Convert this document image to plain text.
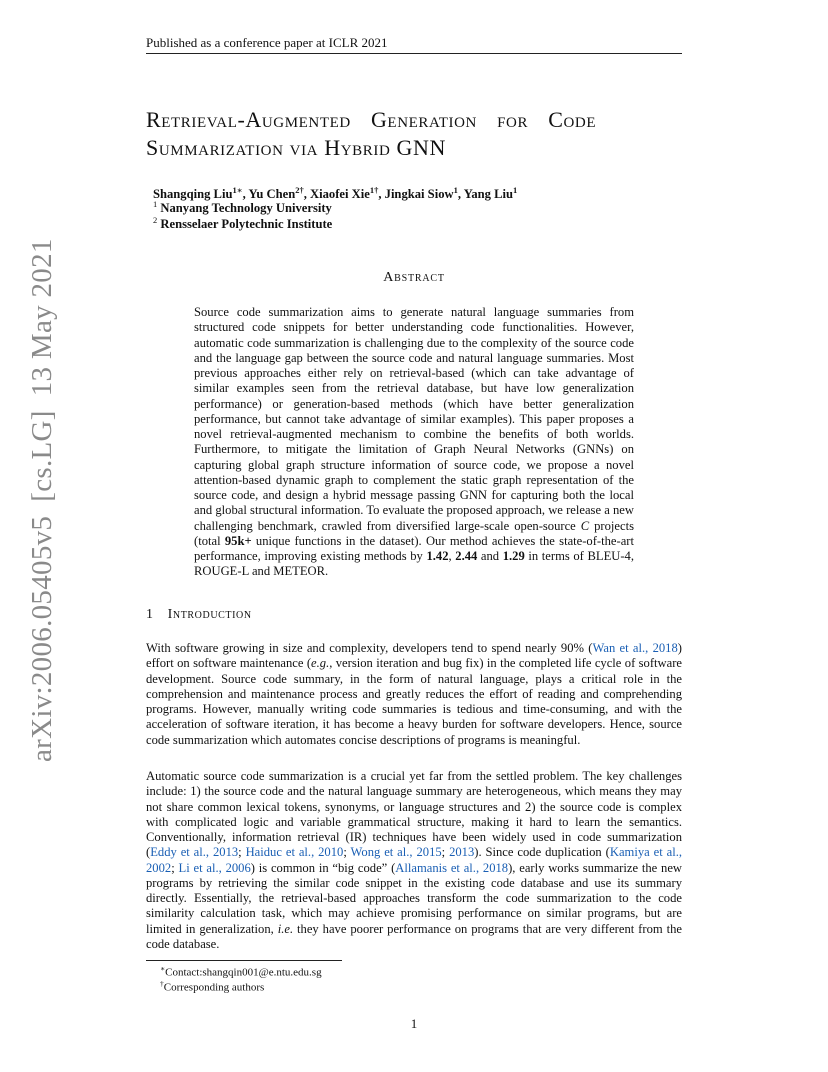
Published as a conference paper at ICLR 2021
Retrieval-Augmented Generation for Code
Summarization via Hybrid GNN
Shangqing Liu$^{1∗}$, Yu Chen$^{2\dagger}$, Xiaofei Xie$^{1\dagger}$, Jingkai Siow$^1$, Yang Liu$^1$
$^1$ Nanyang Technology University
$^2$ Rensselaer Polytechnic Institute
Abstract
Source code summarization aims to generate natural language summaries from structured code snippets for better understanding code functionalities. However, automatic code summarization is challenging due to the complexity of the source code and the language gap between the source code and natural language summaries. Most previous approaches either rely on retrieval-based (which can take advantage of similar examples seen from the retrieval database, but have low generalization performance) or generation-based methods (which have better generalization performance, but cannot take advantage of similar examples). This paper proposes a novel retrieval-augmented mechanism to combine the benefits of both worlds. Furthermore, to mitigate the limitation of Graph Neural Networks (GNNs) on capturing global graph structure information of source code, we propose a novel attention-based dynamic graph to complement the static graph representation of the source code, and design a hybrid message passing GNN for capturing both the local and global structural information. To evaluate the proposed approach, we release a new challenging benchmark, crawled from diversified large-scale open-source C projects (total 95k+ unique functions in the dataset). Our method achieves the state-of-the-art performance, improving existing methods by 1.42, 2.44 and 1.29 in terms of BLEU-4, ROUGE-L and METEOR.
1 Introduction
With software growing in size and complexity, developers tend to spend nearly 90% (Wan et al., 2018) effort on software maintenance (e.g., version iteration and bug fix) in the completed life cycle of software development. Source code summary, in the form of natural language, plays a critical role in the comprehension and maintenance process and greatly reduces the effort of reading and comprehending programs. However, manually writing code summaries is tedious and time-consuming, and with the acceleration of software iteration, it has become a heavy burden for software developers. Hence, source code summarization which automates concise descriptions of programs is meaningful.
Automatic source code summarization is a crucial yet far from the settled problem. The key challenges include: 1) the source code and the natural language summary are heterogeneous, which means they may not share common lexical tokens, synonyms, or language structures and 2) the source code is complex with complicated logic and variable grammatical structure, making it hard to learn the semantics. Conventionally, information retrieval (IR) techniques have been widely used in code summarization (Eddy et al., 2013; Haiduc et al., 2010; Wong et al., 2015; 2013). Since code duplication (Kamiya et al., 2002; Li et al., 2006) is common in “big code” (Allamanis et al., 2018), early works summarize the new programs by retrieving the similar code snippet in the existing code database and use its summary directly. Essentially, the retrieval-based approaches transform the code summarization to the code similarity calculation task, which may achieve promising performance on similar programs, but are limited in generalization, i.e. they have poorer performance on programs that are very different from the code database.
∗Contact:shangqin001@e.ntu.edu.sg
†Corresponding authors
1
arXiv:2006.05405v5[cs.LG]13 May 2021
